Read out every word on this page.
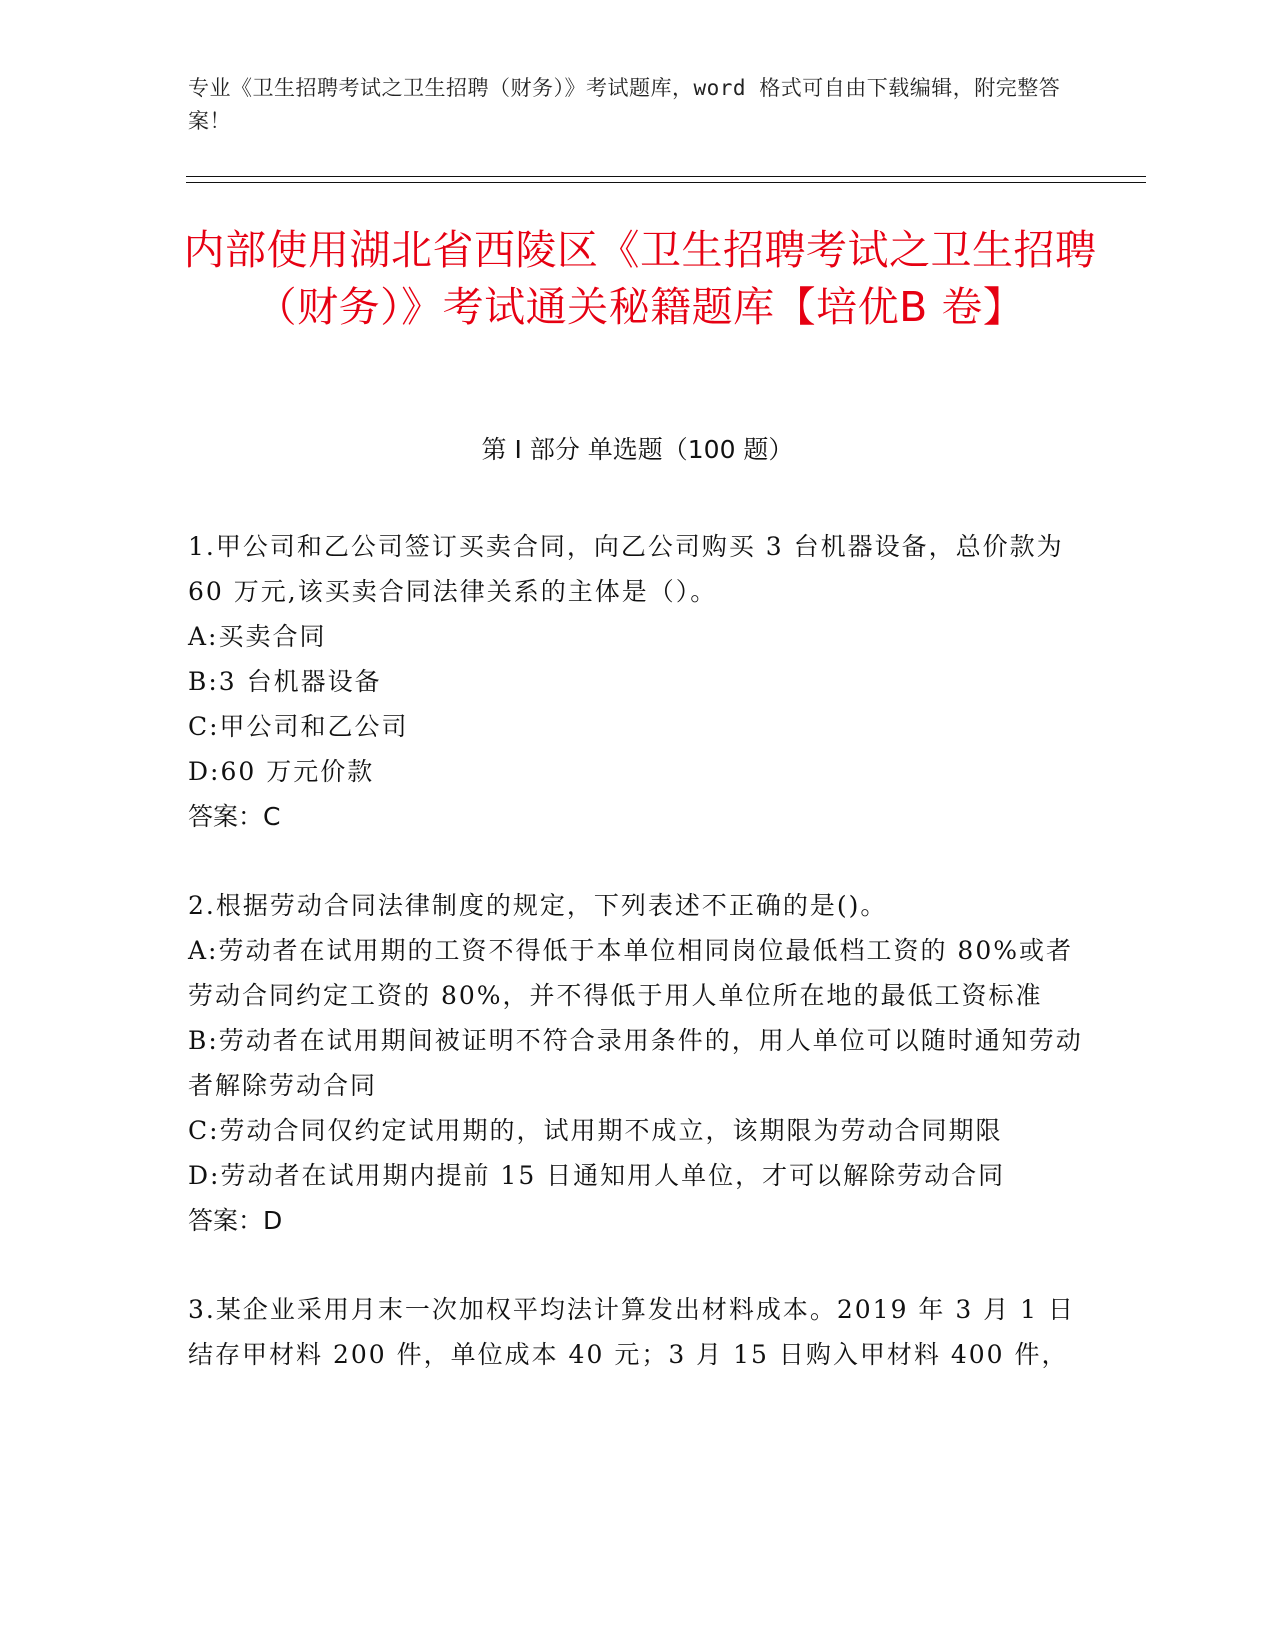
专业《卫生招聘考试之卫生招聘（财务）》考试题库，word 格式可自由下载编辑，附完整答案！
内部使用湖北省西陵区《卫生招聘考试之卫生招聘（财务）》考试通关秘籍题库【培优B 卷】
第 I 部分 单选题（100 题）

1.甲公司和乙公司签订买卖合同，向乙公司购买 3 台机器设备，总价款为 60 万元,该买卖合同法律关系的主体是（）。

A:买卖合同

B:3 台机器设备

C:甲公司和乙公司

D:60 万元价款

答案：C

2.根据劳动合同法律制度的规定，下列表述不正确的是()。

A:劳动者在试用期的工资不得低于本单位相同岗位最低档工资的 80%或者劳动合同约定工资的 80%，并不得低于用人单位所在地的最低工资标准

B:劳动者在试用期间被证明不符合录用条件的，用人单位可以随时通知劳动者解除劳动合同

C:劳动合同仅约定试用期的，试用期不成立，该期限为劳动合同期限

D:劳动者在试用期内提前 15 日通知用人单位，才可以解除劳动合同

答案：D

3.某企业采用月末一次加权平均法计算发出材料成本。2019 年 3 月 1 日结存甲材料 200 件，单位成本 40 元；3 月 15 日购入甲材料 400 件，
